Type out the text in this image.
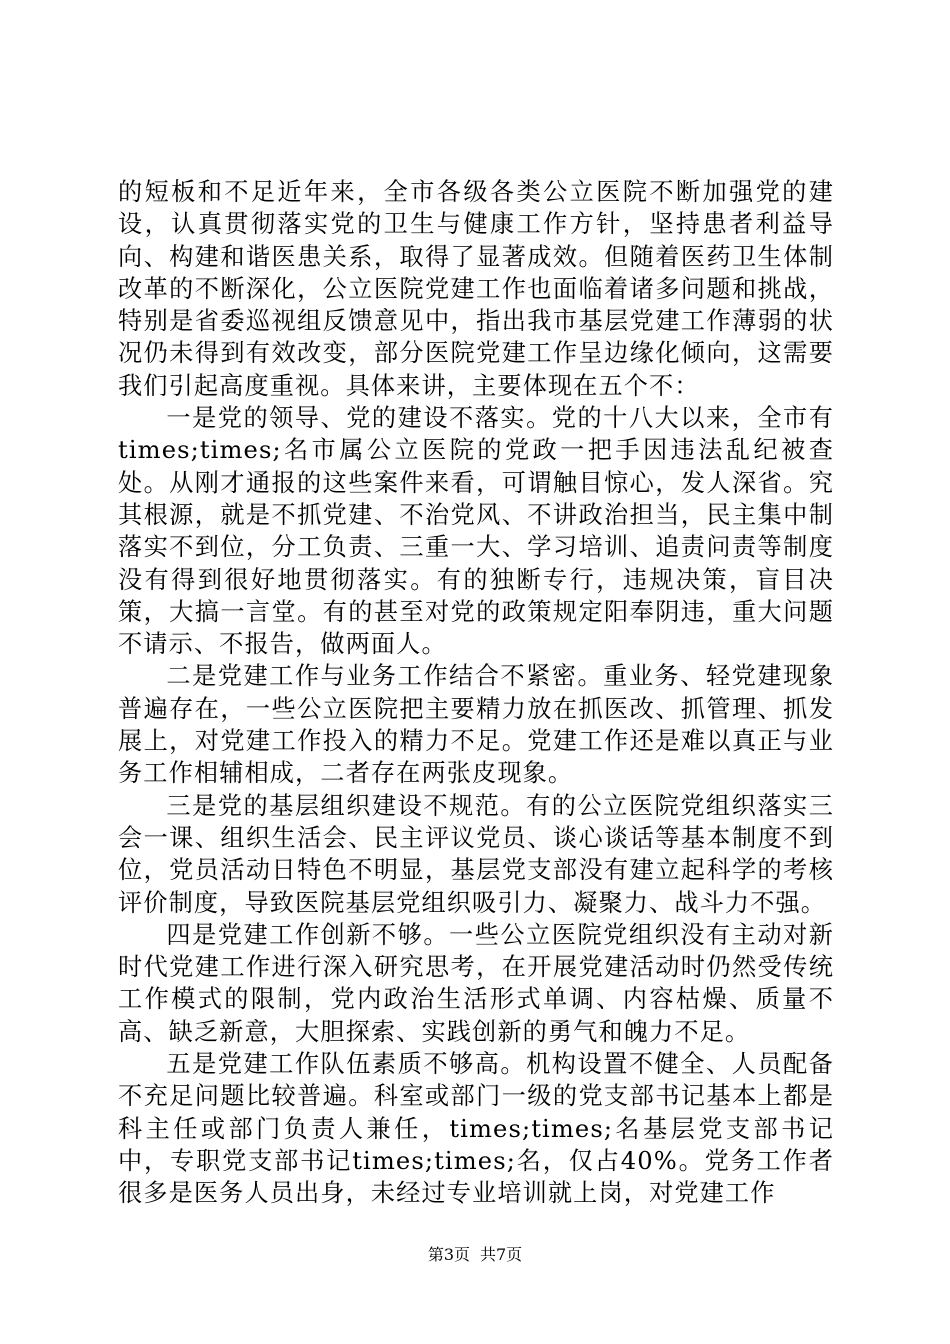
的短板和不足近年来，全市各级各类公立医院不断加强党的建设，认真贯彻落实党的卫生与健康工作方针，坚持患者利益导向、构建和谐医患关系，取得了显著成效。但随着医药卫生体制改革的不断深化，公立医院党建工作也面临着诸多问题和挑战，特别是省委巡视组反馈意见中，指出我市基层党建工作薄弱的状况仍未得到有效改变，部分医院党建工作呈边缘化倾向，这需要我们引起高度重视。具体来讲，主要体现在五个不：

一是党的领导、党的建设不落实。党的十八大以来，全市有times;times;名市属公立医院的党政一把手因违法乱纪被查处。从刚才通报的这些案件来看，可谓触目惊心，发人深省。究其根源，就是不抓党建、不治党风、不讲政治担当，民主集中制落实不到位，分工负责、三重一大、学习培训、追责问责等制度没有得到很好地贯彻落实。有的独断专行，违规决策，盲目决策，大搞一言堂。有的甚至对党的政策规定阳奉阴违，重大问题不请示、不报告，做两面人。

二是党建工作与业务工作结合不紧密。重业务、轻党建现象普遍存在，一些公立医院把主要精力放在抓医改、抓管理、抓发展上，对党建工作投入的精力不足。党建工作还是难以真正与业务工作相辅相成，二者存在两张皮现象。

三是党的基层组织建设不规范。有的公立医院党组织落实三会一课、组织生活会、民主评议党员、谈心谈话等基本制度不到位，党员活动日特色不明显，基层党支部没有建立起科学的考核评价制度，导致医院基层党组织吸引力、凝聚力、战斗力不强。

四是党建工作创新不够。一些公立医院党组织没有主动对新时代党建工作进行深入研究思考，在开展党建活动时仍然受传统工作模式的限制，党内政治生活形式单调、内容枯燥、质量不高、缺乏新意，大胆探索、实践创新的勇气和魄力不足。

五是党建工作队伍素质不够高。机构设置不健全、人员配备不充足问题比较普遍。科室或部门一级的党支部书记基本上都是科主任或部门负责人兼任，times;times;名基层党支部书记中，专职党支部书记times;times;名，仅占40%。党务工作者很多是医务人员出身，未经过专业培训就上岗，对党建工作

第3页 共7页
